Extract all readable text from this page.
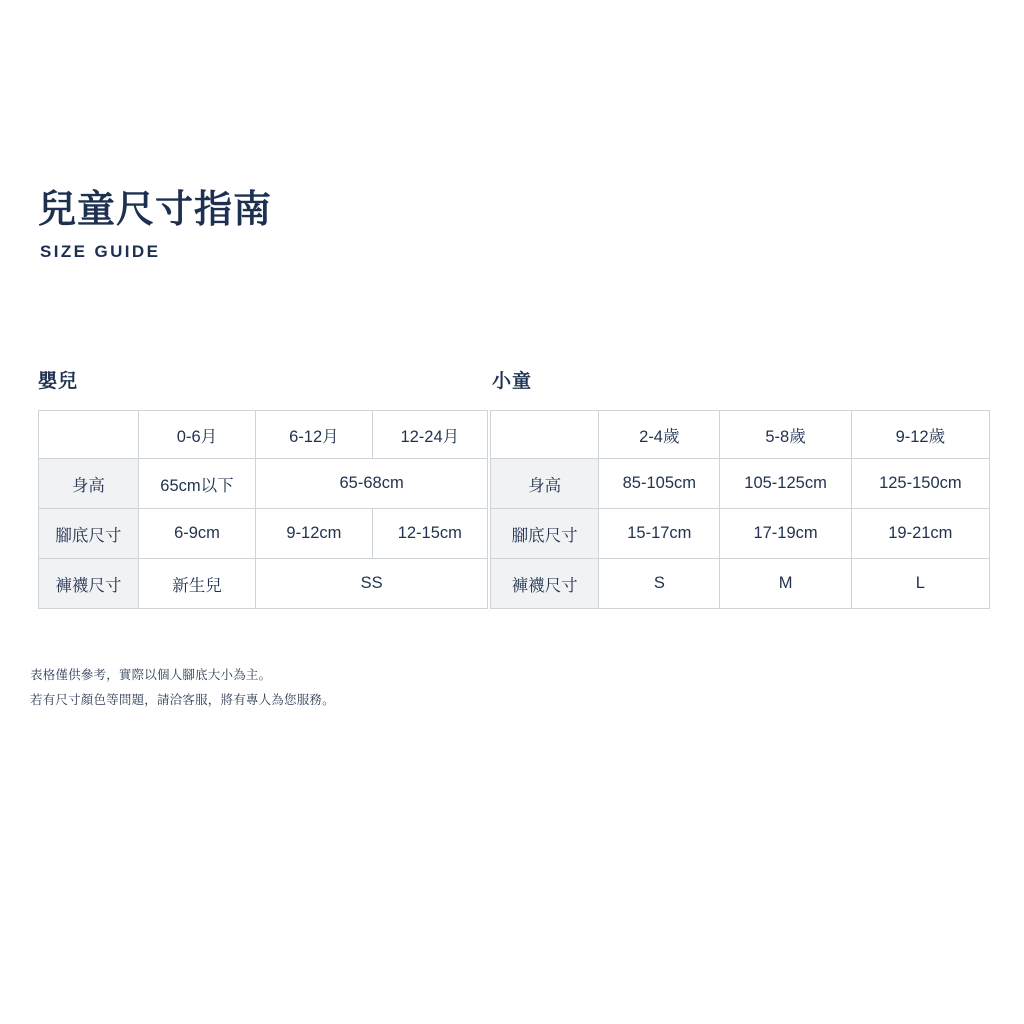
兒童尺寸指南
SIZE GUIDE
嬰兒
	0-6月	6-12月	12-24月
身高	65cm以下	65-68cm	
腳底尺寸	6-9cm	9-12cm	12-15cm
褲襪尺寸	新生兒	SS	
小童
	2-4歲	5-8歲	9-12歲
身高	85-105cm	105-125cm	125-150cm
腳底尺寸	15-17cm	17-19cm	19-21cm
褲襪尺寸	S	M	L
表格僅供參考，實際以個人腳底大小為主。
若有尺寸顏色等問題，請洽客服，將有專人為您服務。
